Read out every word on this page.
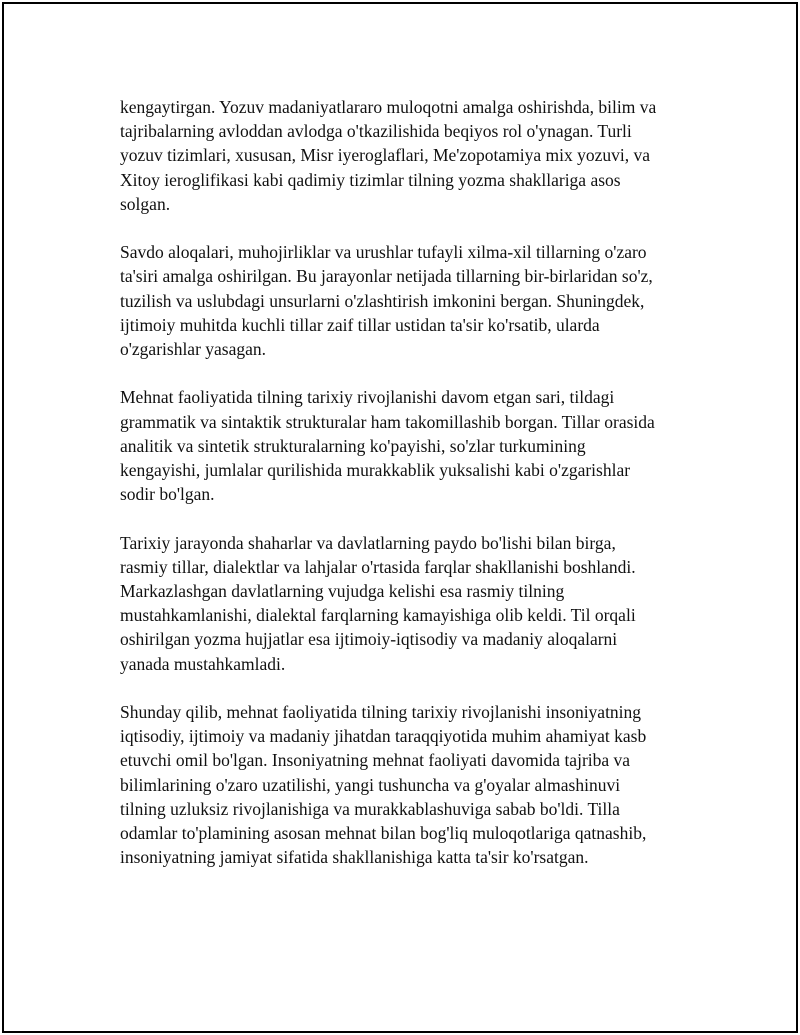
kengaytirgan. Yozuv madaniyatlararo muloqotni amalga oshirishda, bilim va
tajribalarning avloddan avlodga o'tkazilishida beqiyos rol o'ynagan. Turli
yozuv tizimlari, xususan, Misr iyeroglaflari, Me'zopotamiya mix yozuvi, va
Xitoy ieroglifikasi kabi qadimiy tizimlar tilning yozma shakllariga asos
solgan.

Savdo aloqalari, muhojirliklar va urushlar tufayli xilma-xil tillarning o'zaro
ta'siri amalga oshirilgan. Bu jarayonlar netijada tillarning bir-birlaridan so'z,
tuzilish va uslubdagi unsurlarni o'zlashtirish imkonini bergan. Shuningdek,
ijtimoiy muhitda kuchli tillar zaif tillar ustidan ta'sir ko'rsatib, ularda
o'zgarishlar yasagan.

Mehnat faoliyatida tilning tarixiy rivojlanishi davom etgan sari, tildagi
grammatik va sintaktik strukturalar ham takomillashib borgan. Tillar orasida
analitik va sintetik strukturalarning ko'payishi, so'zlar turkumining
kengayishi, jumlalar qurilishida murakkablik yuksalishi kabi o'zgarishlar
sodir bo'lgan.

Tarixiy jarayonda shaharlar va davlatlarning paydo bo'lishi bilan birga,
rasmiy tillar, dialektlar va lahjalar o'rtasida farqlar shakllanishi boshlandi.
Markazlashgan davlatlarning vujudga kelishi esa rasmiy tilning
mustahkamlanishi, dialektal farqlarning kamayishiga olib keldi. Til orqali
oshirilgan yozma hujjatlar esa ijtimoiy-iqtisodiy va madaniy aloqalarni
yanada mustahkamladi.

Shunday qilib, mehnat faoliyatida tilning tarixiy rivojlanishi insoniyatning
iqtisodiy, ijtimoiy va madaniy jihatdan taraqqiyotida muhim ahamiyat kasb
etuvchi omil bo'lgan. Insoniyatning mehnat faoliyati davomida tajriba va
bilimlarining o'zaro uzatilishi, yangi tushuncha va g'oyalar almashinuvi
tilning uzluksiz rivojlanishiga va murakkablashuviga sabab bo'ldi. Tilla
odamlar to'plamining asosan mehnat bilan bog'liq muloqotlariga qatnashib,
insoniyatning jamiyat sifatida shakllanishiga katta ta'sir ko'rsatgan.
